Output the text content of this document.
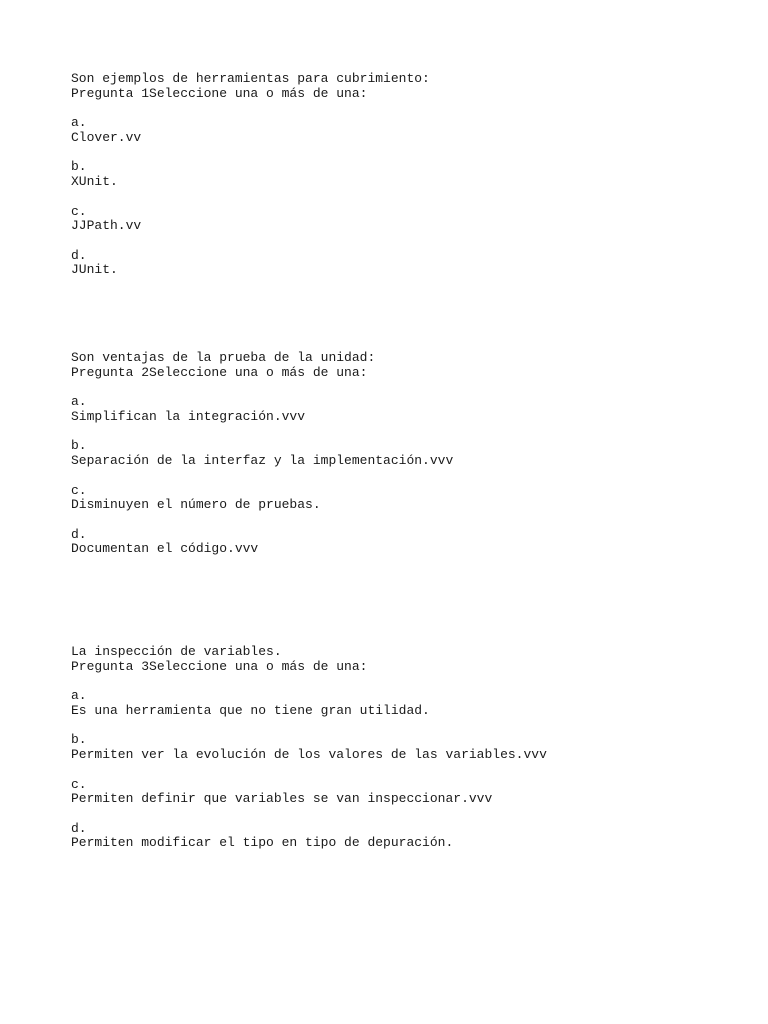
Son ejemplos de herramientas para cubrimiento:
Pregunta 1Seleccione una o más de una:
a.
Clover.vv
b.
XUnit.
c.
JJPath.vv
d.
JUnit.
Son ventajas de la prueba de la unidad:
Pregunta 2Seleccione una o más de una:
a.
Simplifican la integración.vvv
b.
Separación de la interfaz y la implementación.vvv
c.
Disminuyen el número de pruebas.
d.
Documentan el código.vvv
La inspección de variables.
Pregunta 3Seleccione una o más de una:
a.
Es una herramienta que no tiene gran utilidad.
b.
Permiten ver la evolución de los valores de las variables.vvv
c.
Permiten definir que variables se van inspeccionar.vvv
d.
Permiten modificar el tipo en tipo de depuración.
